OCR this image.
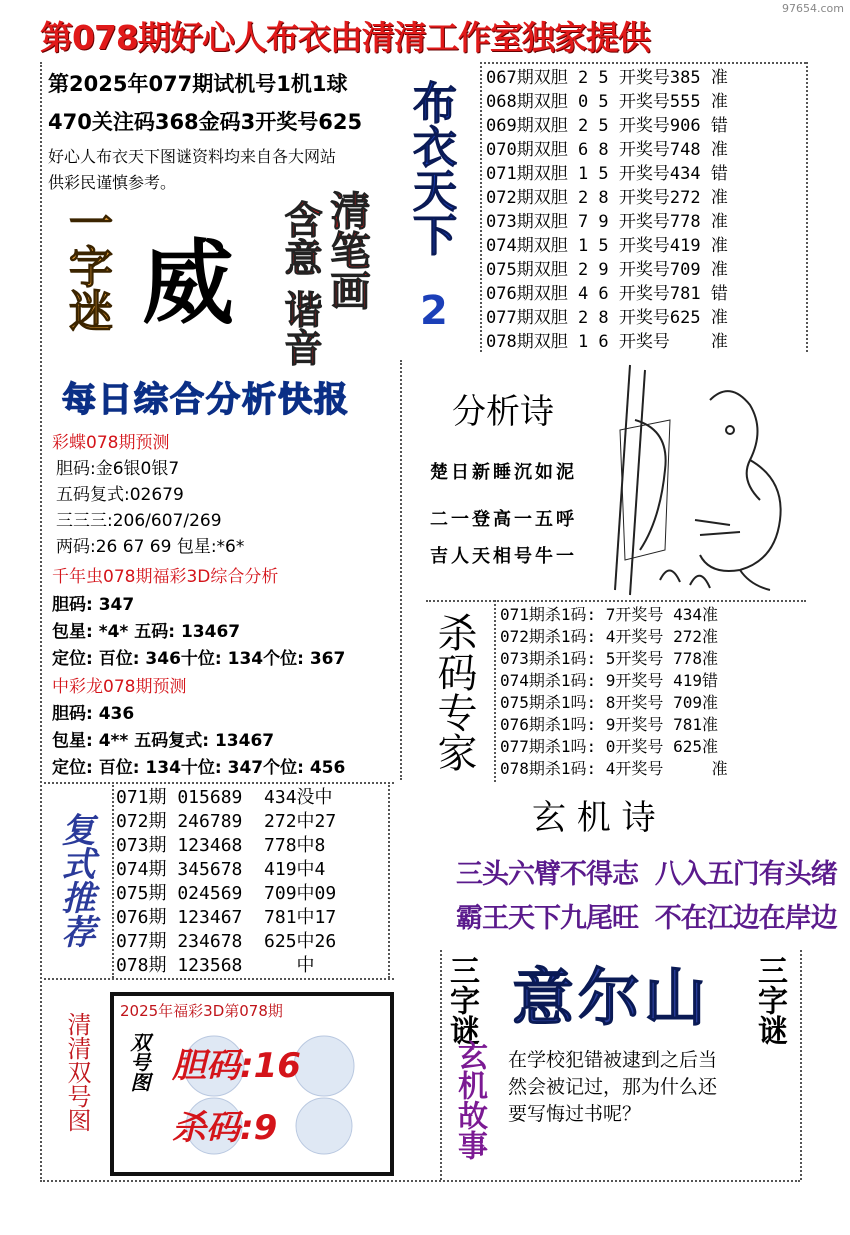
97654.com
第078期好心人布衣由清清工作室独家提供
第2025年077期试机号1机1球
470关注码368金码3开奖号625
好心人布衣天下图谜资料均来自各大网站
供彩民谨慎参考。
一字迷 威 清笔画
含意
谐音
布衣天下
2
067期双胆 2 5 开奖号385 准
068期双胆 0 5 开奖号555 准
069期双胆 2 5 开奖号906 错
070期双胆 6 8 开奖号748 准
071期双胆 1 5 开奖号434 错
072期双胆 2 8 开奖号272 准
073期双胆 7 9 开奖号778 准
074期双胆 1 5 开奖号419 准
075期双胆 2 9 开奖号709 准
076期双胆 4 6 开奖号781 错
077期双胆 2 8 开奖号625 准
078期双胆 1 6 开奖号    准
每日综合分析快报	分析诗
楚日新睡沉如泥
二一登高一五呼
吉人天相号牛一
彩蝶078期预测
胆码:金6银0银7
五码复式:02679
三三三:206/607/269
两码:26 67 69 包星:*6*
千年虫078期福彩3D综合分析
胆码: 347
包星: *4* 五码: 13467
定位: 百位: 346十位: 134个位: 367
中彩龙078期预测
胆码: 436
包星: 4** 五码复式: 13467
定位: 百位: 134十位: 347个位: 456 杀码专家 071期杀1码: 7开奖号 434准
072期杀1码: 4开奖号 272准
073期杀1码: 5开奖号 778准
074期杀1码: 9开奖号 419错
075期杀1吗: 8开奖号 709准
076期杀1吗: 9开奖号 781准
077期杀1吗: 0开奖号 625准
078期杀1码: 4开奖号     准
复式推荐
071期 015689  434没中
072期 246789  272中27
073期 123468  778中8
074期 345678  419中4
075期 024569  709中09
076期 123467  781中17
077期 234678  625中26
078期 123568     中
玄 机 诗
三头六臂不得志  八入五门有头绪
霸王天下九尾旺  不在江边在岸边
三字谜 意尔山 三字谜
清清双号图
2025年福彩3D第078期
双号图 胆码:16
杀码:9	玄机故事 在学校犯错被逮到之后当
然会被记过，那为什么还
要写悔过书呢？
